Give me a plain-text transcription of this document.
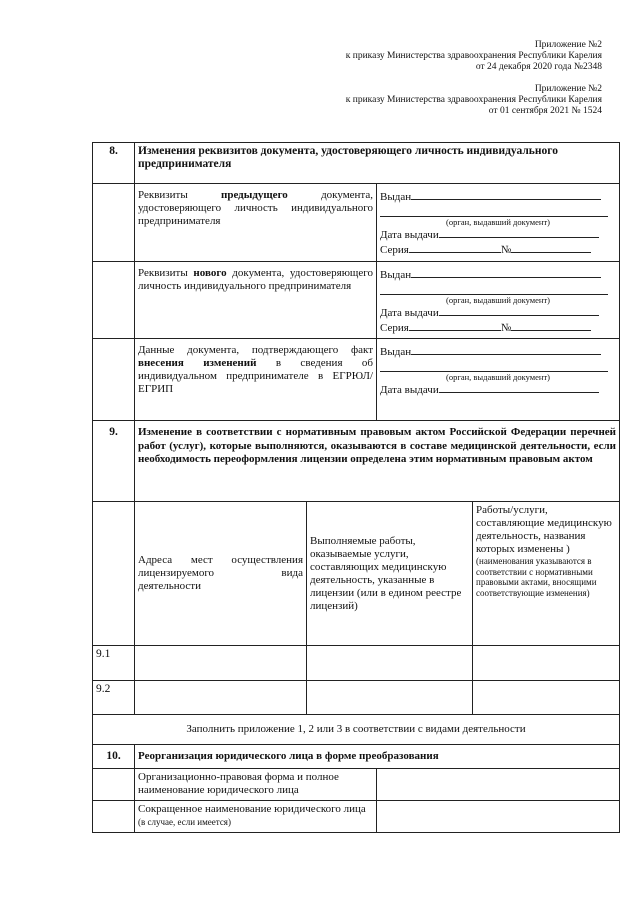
Приложение №2
к приказу Министерства здравоохранения Республики Карелия
от 24 декабря 2020 года №2348
Приложение №2
к приказу Министерства здравоохранения Республики Карелия
от 01 сентября 2021 № 1524
8.	Изменения реквизитов документа, удостоверяющего личность индивидуального предпринимателя			
	Реквизиты предыдущего документа, удостоверяющего личность индивидуального предпринимателя		Выдан
(орган, выдавший документ)
Дата выдачи
Серия №	

	Реквизиты нового документа, удостоверяющего личность индивидуального предпринимателя		Выдан
(орган, выдавший документ)
Дата выдачи
Серия №	

	Данные документа, подтверждающего факт внесения изменений в сведения об индивидуальном предпринимателе в ЕГРЮЛ/ЕГРИП		Выдан
(орган, выдавший документ)
Дата выдачи	

9.	Изменение в соответствии с нормативным правовым актом Российской Федерации перечней работ (услуг), которые выполняются, оказываются в составе медицинской деятельности, если необходимость переоформления лицензии определена этим нормативным правовым актом			
	Адреса мест осуществления лицензируемого вида деятельности	Выполняемые работы, оказываемые услуги, составляющих медицинскую деятельность, указанные в лицензии (или в едином реестре лицензий)		Работы/услуги, составляющие медицинскую деятельность, названия которых изменены )
(наименования указываются в соответствии с нормативными правовыми актами, вносящими соответствующие изменения)

9.1				
9.2				
Заполнить приложение 1, 2 или 3 в соответствии с видами деятельности				
10.	Реорганизация юридического лица в форме преобразования			
	Организационно-правовая форма и полное наименование юридического лица			
	Сокращенное наименование юридического лица (в случае, если имеется)			
